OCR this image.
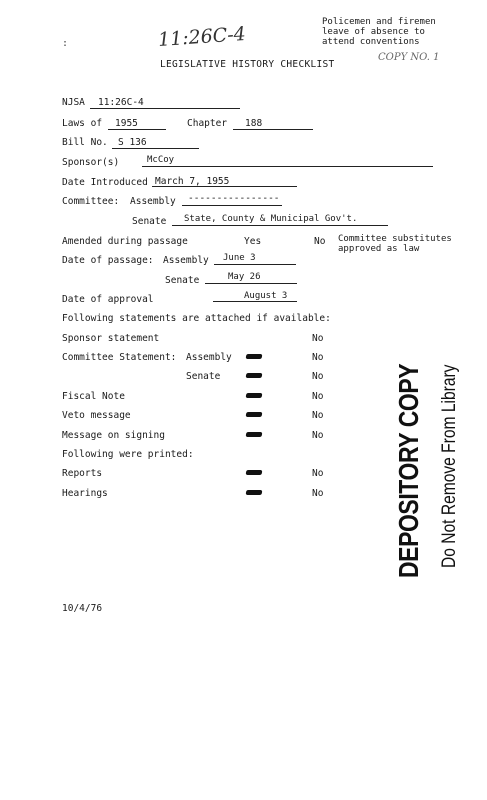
11:26C-4
COPY NO. 1
:
Policemen and firemen
leave of absence to
attend conventions
LEGISLATIVE HISTORY CHECKLIST
NJSA 11:26C-4
Laws of 1955	Chapter 188
Bill No. S 136
Sponsor(s)	McCoy
Date Introduced March 7, 1955
Committee: Assembly ----------------
Senate State, County & Municipal Gov't.
Amended during passage	Yes	No Committee substitutes
approved as law
Date of passage: Assembly June 3
Senate	May 26
Date of approval	August 3
Following statements are attached if available:
Sponsor statement	No
Committee Statement: Assembly	No
Senate	No
Fiscal Note	No
Veto message	No
Message on signing	No
Following were printed:
Reports	No
Hearings	No DEPOSITORY COPY Do Not Remove From Library
10/4/76
